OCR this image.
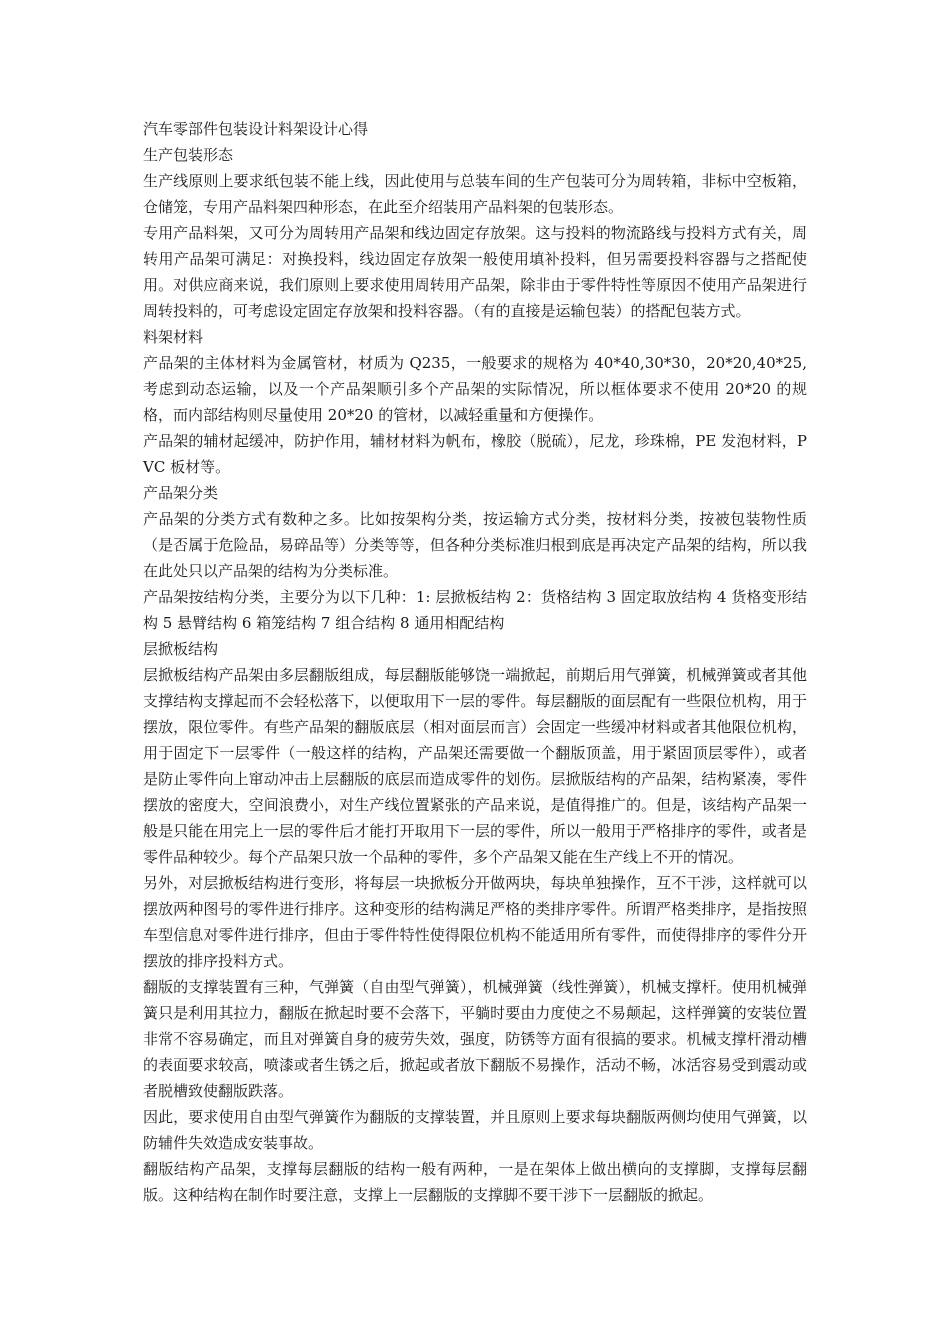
汽车零部件包装设计料架设计心得

生产包装形态

生产线原则上要求纸包装不能上线，因此使用与总装车间的生产包装可分为周转箱，非标中空板箱，仓储笼，专用产品料架四种形态，在此至介绍装用产品料架的包装形态。

专用产品料架，又可分为周转用产品架和线边固定存放架。这与投料的物流路线与投料方式有关，周转用产品架可满足：对换投料，线边固定存放架一般使用填补投料，但另需要投料容器与之搭配使用。对供应商来说，我们原则上要求使用周转用产品架，除非由于零件特性等原因不使用产品架进行周转投料的，可考虑设定固定存放架和投料容器。（有的直接是运输包装）的搭配包装方式。

料架材料

产品架的主体材料为金属管材，材质为 Q235，一般要求的规格为 40*40,30*30，20*20,40*25,考虑到动态运输，以及一个产品架顺引多个产品架的实际情况，所以框体要求不使用 20*20 的规格，而内部结构则尽量使用 20*20 的管材，以减轻重量和方便操作。

产品架的辅材起缓冲，防护作用，辅材材料为帆布，橡胶（脱硫），尼龙，珍珠棉，PE 发泡材料，PVC 板材等。

产品架分类

产品架的分类方式有数种之多。比如按架构分类，按运输方式分类，按材料分类，按被包装物性质（是否属于危险品，易碎品等）分类等等，但各种分类标准归根到底是再决定产品架的结构，所以我在此处只以产品架的结构为分类标准。

产品架按结构分类，主要分为以下几种：1: 层掀板结构 2：货格结构 3 固定取放结构 4 货格变形结构 5 悬臂结构 6 箱笼结构 7 组合结构 8 通用相配结构

层掀板结构

层掀板结构产品架由多层翻版组成，每层翻版能够饶一端掀起，前期后用气弹簧，机械弹簧或者其他支撑结构支撑起而不会轻松落下，以便取用下一层的零件。每层翻版的面层配有一些限位机构，用于摆放，限位零件。有些产品架的翻版底层（相对面层而言）会固定一些缓冲材料或者其他限位机构，用于固定下一层零件（一般这样的结构，产品架还需要做一个翻版顶盖，用于紧固顶层零件），或者是防止零件向上窜动冲击上层翻版的底层而造成零件的划伤。层掀版结构的产品架，结构紧凑，零件摆放的密度大，空间浪费小，对生产线位置紧张的产品来说，是值得推广的。但是，该结构产品架一般是只能在用完上一层的零件后才能打开取用下一层的零件，所以一般用于严格排序的零件，或者是零件品种较少。每个产品架只放一个品种的零件，多个产品架又能在生产线上不开的情况。

另外，对层掀板结构进行变形，将每层一块掀板分开做两块，每块单独操作，互不干涉，这样就可以摆放两种图号的零件进行排序。这种变形的结构满足严格的类排序零件。所谓严格类排序，是指按照车型信息对零件进行排序，但由于零件特性使得限位机构不能适用所有零件，而使得排序的零件分开摆放的排序投料方式。

翻版的支撑装置有三种，气弹簧（自由型气弹簧），机械弹簧（线性弹簧），机械支撑杆。使用机械弹簧只是利用其拉力，翻版在掀起时要不会落下，平躺时要由力度使之不易颠起，这样弹簧的安装位置非常不容易确定，而且对弹簧自身的疲劳失效，强度，防锈等方面有很搞的要求。机械支撑杆滑动槽的表面要求较高，喷漆或者生锈之后，掀起或者放下翻版不易操作，活动不畅，冰活容易受到震动或者脱槽致使翻版跌落。

因此，要求使用自由型气弹簧作为翻版的支撑装置，并且原则上要求每块翻版两侧均使用气弹簧，以防辅件失效造成安装事故。

翻版结构产品架，支撑每层翻版的结构一般有两种，一是在架体上做出横向的支撑脚，支撑每层翻版。这种结构在制作时要注意，支撑上一层翻版的支撑脚不要干涉下一层翻版的掀起。
